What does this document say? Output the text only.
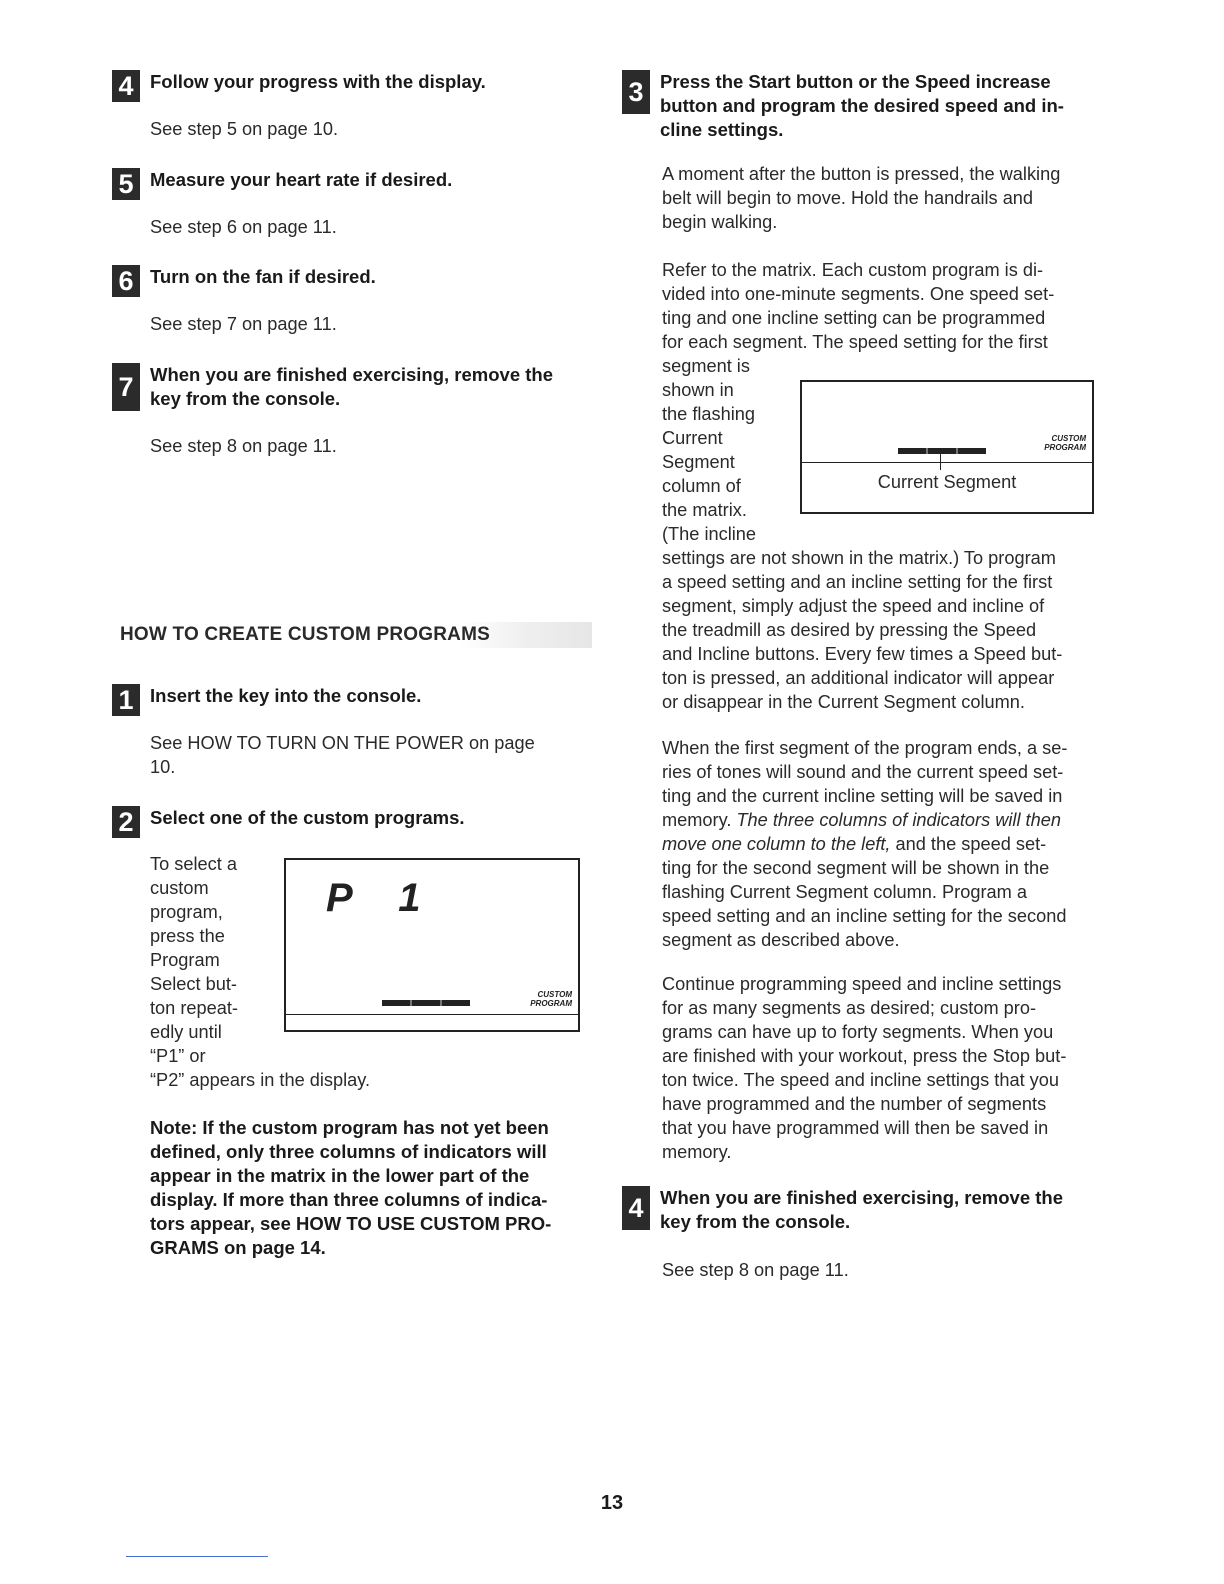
4 Follow your progress with the display.

See step 5 on page 10.

5 Measure your heart rate if desired.

See step 6 on page 11.

6 Turn on the fan if desired.

See step 7 on page 11.

7 When you are finished exercising, remove the

key from the console.

See step 8 on page 11.

HOW TO CREATE CUSTOM PROGRAMS
1 Insert the key into the console.

See HOW TO TURN ON THE POWER on page

10.

2 Select one of the custom programs.

To select a

custom

program,

press the

Program

Select but-

ton repeat-

edly until

“P1” or

“P2” appears in the display.

P 1
CUSTOM
PROGRAM
Note: If the custom program has not yet been
defined, only three columns of indicators will
appear in the matrix in the lower part of the
display. If more than three columns of indica-
tors appear, see HOW TO USE CUSTOM PRO-
GRAMS on page 14.
3 Press the Start button or the Speed increase

button and program the desired speed and in-

cline settings.

A moment after the button is pressed, the walking

belt will begin to move. Hold the handrails and

begin walking.

Refer to the matrix. Each custom program is di-

vided into one-minute segments. One speed set-

ting and one incline setting can be programmed

for each segment. The speed setting for the first

segment is

shown in

the flashing

Current

Segment

column of

the matrix.

(The incline

settings are not shown in the matrix.) To program

a speed setting and an incline setting for the first

segment, simply adjust the speed and incline of

the treadmill as desired by pressing the Speed

and Incline buttons. Every few times a Speed but-

ton is pressed, an additional indicator will appear

or disappear in the Current Segment column.

CUSTOM
PROGRAM
Current Segment

When the first segment of the program ends, a se-

ries of tones will sound and the current speed set-

ting and the current incline setting will be saved in

memory. The three columns of indicators will then

move one column to the left, and the speed set-

ting for the second segment will be shown in the

flashing Current Segment column. Program a

speed setting and an incline setting for the second

segment as described above.

Continue programming speed and incline settings

for as many segments as desired; custom pro-

grams can have up to forty segments. When you

are finished with your workout, press the Stop but-

ton twice. The speed and incline settings that you

have programmed and the number of segments

that you have programmed will then be saved in

memory.

4 When you are finished exercising, remove the

key from the console.

See step 8 on page 11.

13
